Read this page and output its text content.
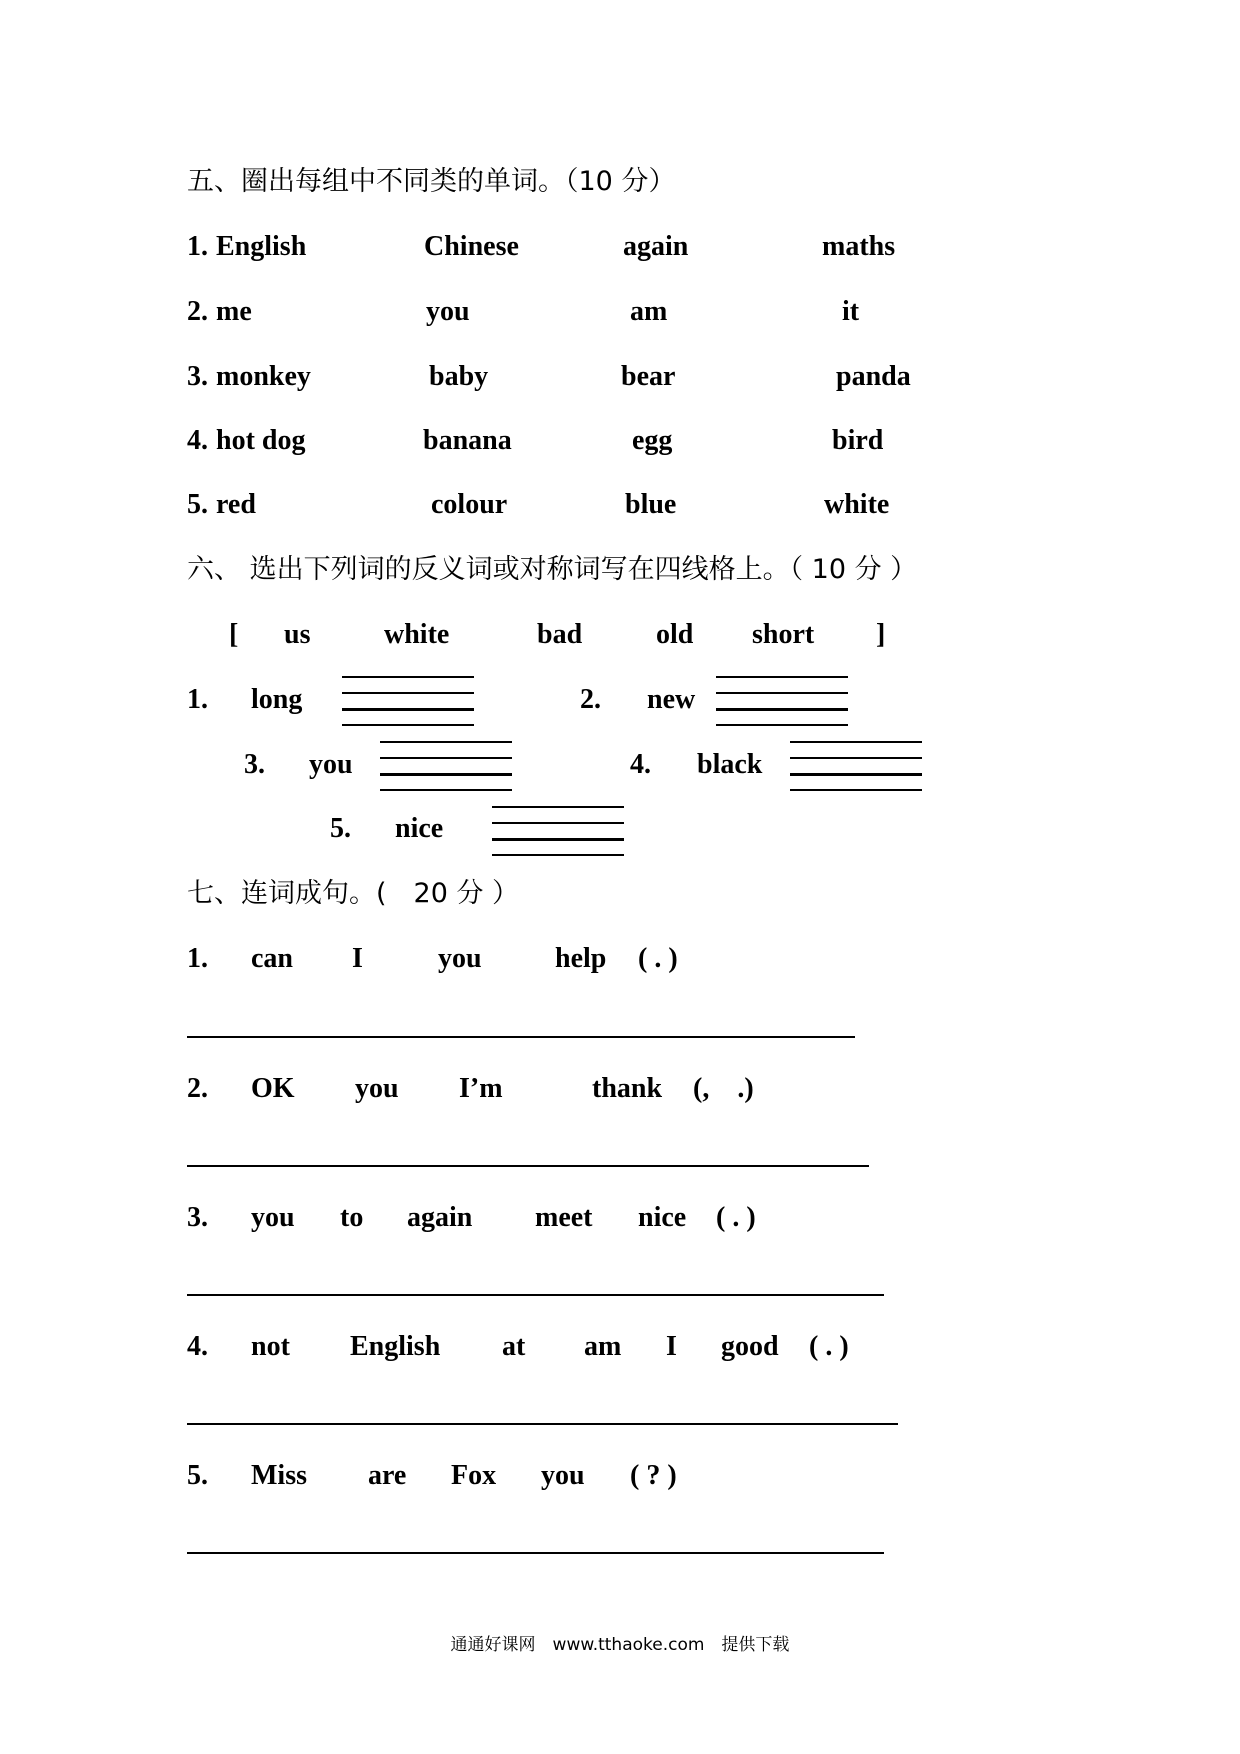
五、圈出每组中不同类的单词。（10 分）
1. English	Chinese	again	maths
2. me	you	am	it
3. monkey	baby	bear	panda
4. hot dog	banana	egg	bird
5. red	colour	blue	white
六、 选出下列词的反义词或对称词写在四线格上。（ 10 分 ）
[ us	white	bad	old short ]
1. long	2. new
3. you	4. black
5. nice
七、连词成句。(　20 分 ）
1. can I	you	help ( . )
2. OK you I’m	thank (,　.)
3. you to again meet nice ( . )
4. not English at am I good ( . )
5. Miss are Fox you ( ? )
通通好课网　www.tthaoke.com　提供下载
